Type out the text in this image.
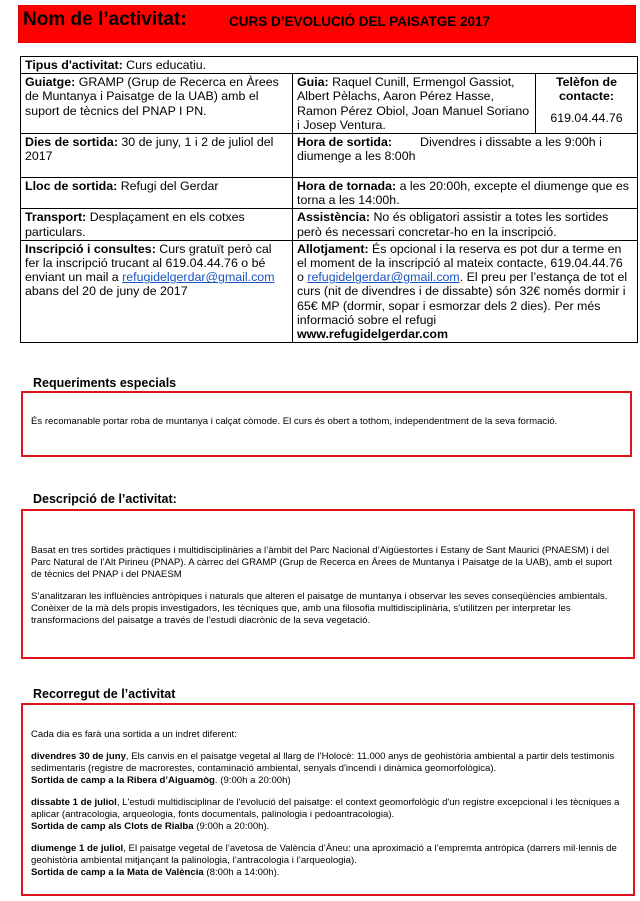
Nom de l’activitat:	CURS D’EVOLUCIÓ DEL PAISATGE 2017
Tipus d'activitat: Curs educatiu.		
Guiatge: GRAMP (Grup de Recerca en Àrees de Muntanya i Paisatge de la UAB) amb el suport de tècnics del PNAP I PN.	Guia: Raquel Cunill, Ermengol Gassiot, Albert Pèlachs, Aaron Pérez Hasse, Ramon Pérez Obiol, Joan Manuel Soriano i Josep Ventura.	Telèfon de contacte:
619.04.44.76

Dies de sortida: 30 de juny, 1 i 2 de juliol del 2017	Hora de sortida: Divendres i dissabte a les 9:00h i diumenge a les 8:00h	
Lloc de sortida: Refugi del Gerdar	Hora de tornada: a les 20:00h, excepte el diumenge que es torna a les 14:00h.	
Transport: Desplaçament en els cotxes particulars.	Assistència: No és obligatori assistir a totes les sortides però és necessari concretar-ho en la inscripció.	
Inscripció i consultes: Curs gratuït però cal fer la inscripció trucant al 619.04.44.76 o bé enviant un mail a refugidelgerdar@gmail.com abans del 20 de juny de 2017	Allotjament: És opcional i la reserva es pot dur a terme en el moment de la inscripció al mateix contacte, 619.04.44.76 o refugidelgerdar@gmail.com. El preu per l’estança de tot el curs (nit de divendres i de dissabte) són 32€ només dormir i 65€ MP (dormir, sopar i esmorzar dels 2 dies). Per més informació sobre el refugi
www.refugidelgerdar.com	
Requeriments especials

És recomanable portar roba de muntanya i calçat còmode. El curs és obert a tothom, independentment de la seva formació.

Descripció de l’activitat:

Basat en tres sortides pràctiques i multidisciplinàries a l’àmbit del Parc Nacional d’Aigüestortes i Estany de Sant Maurici (PNAESM) i del Parc Natural de l’Alt Pirineu (PNAP). A càrrec del GRAMP (Grup de Recerca en Àrees de Muntanya i Paisatge de la UAB), amb el suport de tècnics del PNAP i del PNAESM

S’analitzaran les influències antròpiques i naturals que alteren el paisatge de muntanya i observar les seves conseqüències ambientals. Conèixer de la mà dels propis investigadors, les tècniques que, amb una filosofia multidisciplinària, s’utilitzen per interpretar les transformacions del paisatge a través de l’estudi diacrònic de la seva vegetació.

Recorregut de l’activitat

Cada dia es farà una sortida a un indret diferent:

divendres 30 de juny, Els canvis en el paisatge vegetal al llarg de l’Holocè: 11.000 anys de geohistòria ambiental a partir dels testimonis sedimentaris (registre de macrorestes, contaminació ambiental, senyals d'incendi i dinàmica geomorfològica).
Sortida de camp a la Ribera d’Aiguamòg. (9:00h a 20:00h)

dissabte 1 de juliol, L'estudi multidisciplinar de l'evolució del paisatge: el context geomorfològic d'un registre excepcional i les tècniques a aplicar (antracologia, arqueologia, fonts documentals, palinologia i pedoantracologia).
Sortida de camp als Clots de Rialba (9:00h a 20:00h).

diumenge 1 de juliol, El paisatge vegetal de l’avetosa de València d’Àneu: una aproximació a l’empremta antròpica (darrers mil·lennis de geohistòria ambiental mitjançant la palinologia, l’antracologia i l’arqueologia).
Sortida de camp a la Mata de València (8:00h a 14:00h).
